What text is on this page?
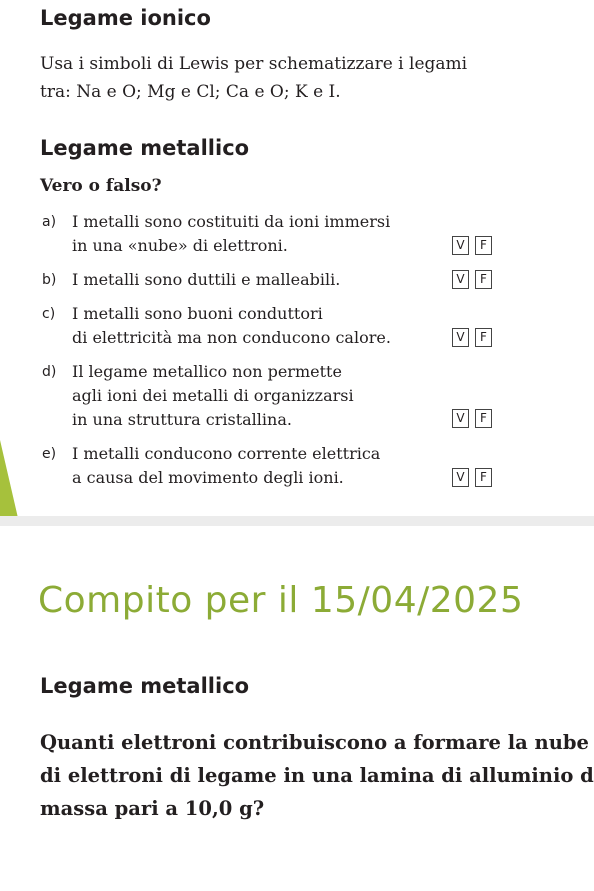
Legame ionico

Usa i simboli di Lewis per schematizzare i legami
tra: Na e O; Mg e Cl; Ca e O; K e I.

Legame metallico

Vero o falso?

a) I metalli sono costituiti da ioni immersi
in una «nube» di elettroni.	V	F
b) I metalli sono duttili e malleabili.	V	F
c) I metalli sono buoni conduttori
di elettricità ma non conducono calore.	V	F
d) Il legame metallico non permette
agli ioni dei metalli di organizzarsi
in una struttura cristallina.	V	F
e) I metalli conducono corrente elettrica
a causa del movimento degli ioni.	V	F
Compito per il 15/04/2025
Legame metallico

Quanti elettroni contribuiscono a formare la nube
di elettroni di legame in una lamina di alluminio d
massa pari a 10,0 g?
